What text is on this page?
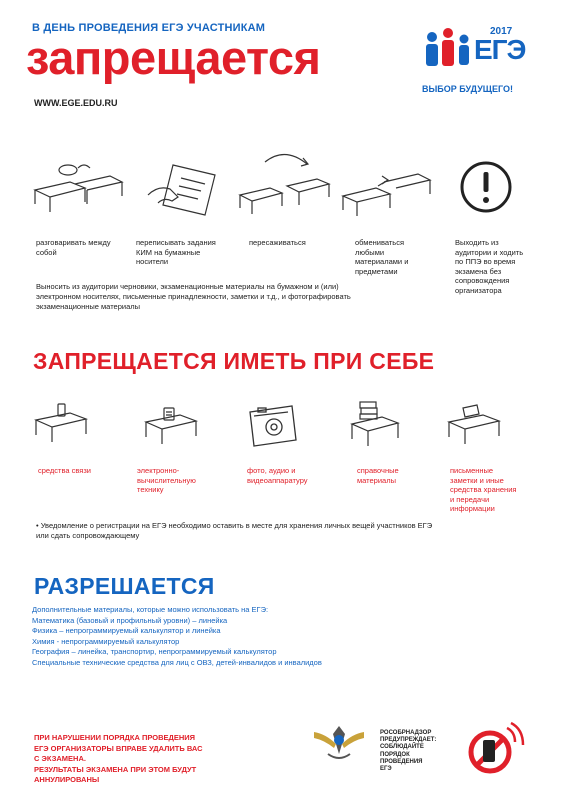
В ДЕНЬ ПРОВЕДЕНИЯ ЕГЭ УЧАСТНИКАМ
запрещается
WWW.EGE.EDU.RU
2017
ЕГЭ
ВЫБОР БУДУЩЕГО!
разговаривать между собой
переписывать задания КИМ на бумажные носители
пересаживаться	обмениваться любыми материалами и предметами
Выходить из аудитории и ходить по ППЭ во время экзамена без сопровождения организатора
Выносить из аудитории черновики, экзаменационные материалы на бумажном и (или) электронном носителях, письменные принадлежности, заметки и т.д., и фотографировать экзаменационные материалы
ЗАПРЕЩАЕТСЯ ИМЕТЬ ПРИ СЕБЕ
средства связи	электронно-вычислительную технику
фото, аудио и видеоаппаратуру
справочные материалы
письменные заметки и иные средства хранения и передачи информации
• Уведомление о регистрации на ЕГЭ необходимо оставить в месте для хранения личных вещей участников ЕГЭ или сдать сопровождающему
РАЗРЕШАЕТСЯ
Дополнительные материалы, которые можно использовать на ЕГЭ:
Математика (базовый и профильный уровни) – линейка
Физика – непрограммируемый калькулятор и линейка
Химия - непрограммируемый калькулятор
География – линейка, транспортир, непрограммируемый калькулятор
Специальные технические средства для лиц с ОВЗ, детей-инвалидов и инвалидов
ПРИ НАРУШЕНИИ ПОРЯДКА ПРОВЕДЕНИЯ
ЕГЭ ОРГАНИЗАТОРЫ ВПРАВЕ УДАЛИТЬ ВАС
С ЭКЗАМЕНА.
РЕЗУЛЬТАТЫ ЭКЗАМЕНА ПРИ ЭТОМ БУДУТ
АННУЛИРОВАНЫ
РОСОБРНАДЗОР
ПРЕДУПРЕЖДАЕТ:
СОБЛЮДАЙТЕ
ПОРЯДОК
ПРОВЕДЕНИЯ
ЕГЭ
